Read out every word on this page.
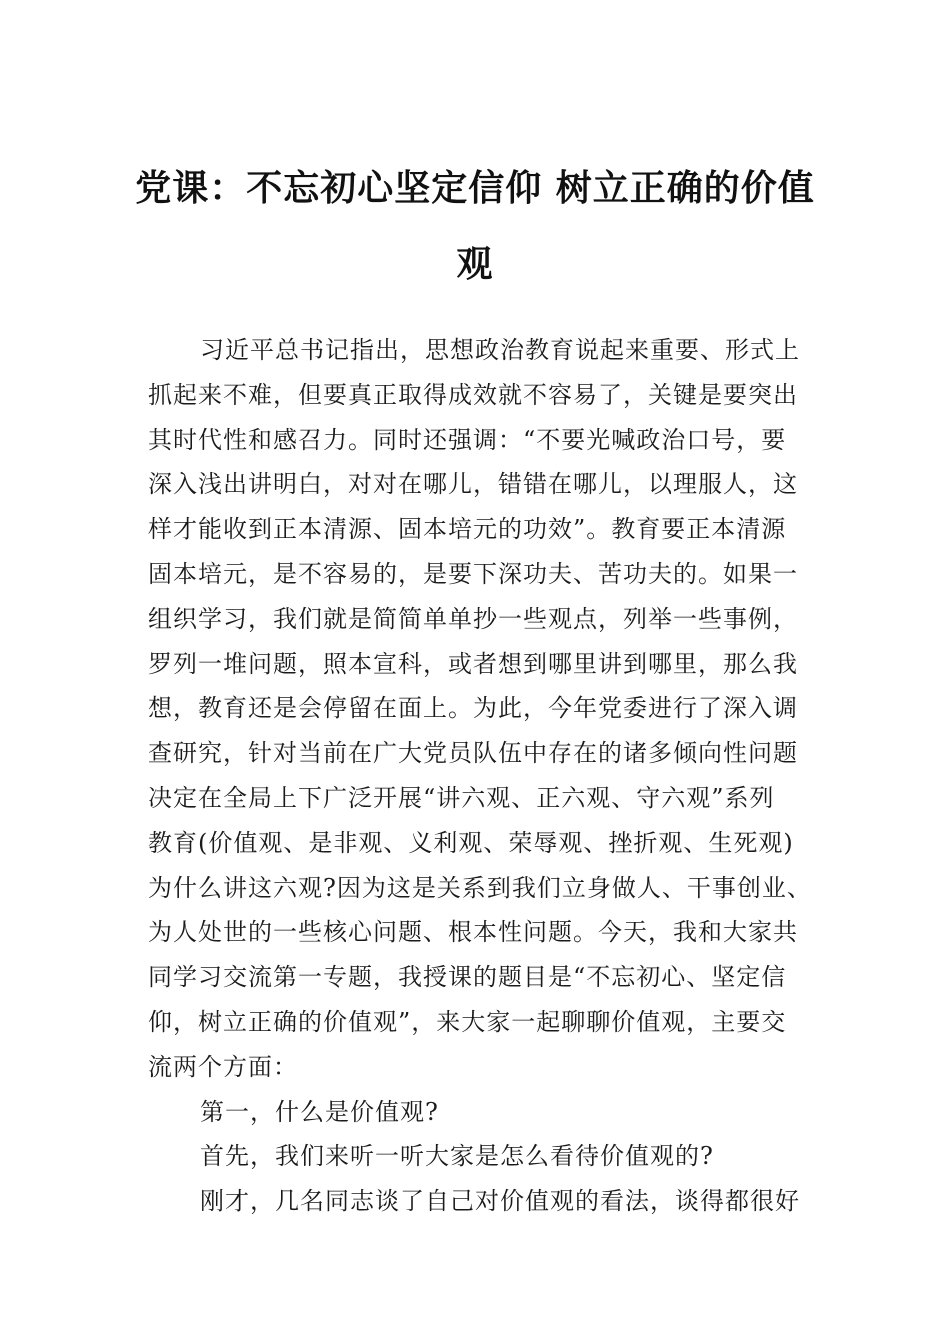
党课：不忘初心坚定信仰 树立正确的价值
观
习近平总书记指出，思想政治教育说起来重要、形式上
抓起来不难，但要真正取得成效就不容易了，关键是要突出
其时代性和感召力。同时还强调：“不要光喊政治口号，要
深入浅出讲明白，对对在哪儿，错错在哪儿，以理服人，这
样才能收到正本清源、固本培元的功效”。教育要正本清源
固本培元，是不容易的，是要下深功夫、苦功夫的。如果一
组织学习，我们就是简简单单抄一些观点，列举一些事例，
罗列一堆问题，照本宣科，或者想到哪里讲到哪里，那么我
想，教育还是会停留在面上。为此，今年党委进行了深入调
查研究，针对当前在广大党员队伍中存在的诸多倾向性问题
决定在全局上下广泛开展“讲六观、正六观、守六观”系列
教育(价值观、是非观、义利观、荣辱观、挫折观、生死观)
为什么讲这六观?因为这是关系到我们立身做人、干事创业、
为人处世的一些核心问题、根本性问题。今天，我和大家共
同学习交流第一专题，我授课的题目是“不忘初心、坚定信
仰，树立正确的价值观”，来大家一起聊聊价值观，主要交
流两个方面：
第一，什么是价值观?
首先，我们来听一听大家是怎么看待价值观的?
刚才，几名同志谈了自己对价值观的看法，谈得都很好
